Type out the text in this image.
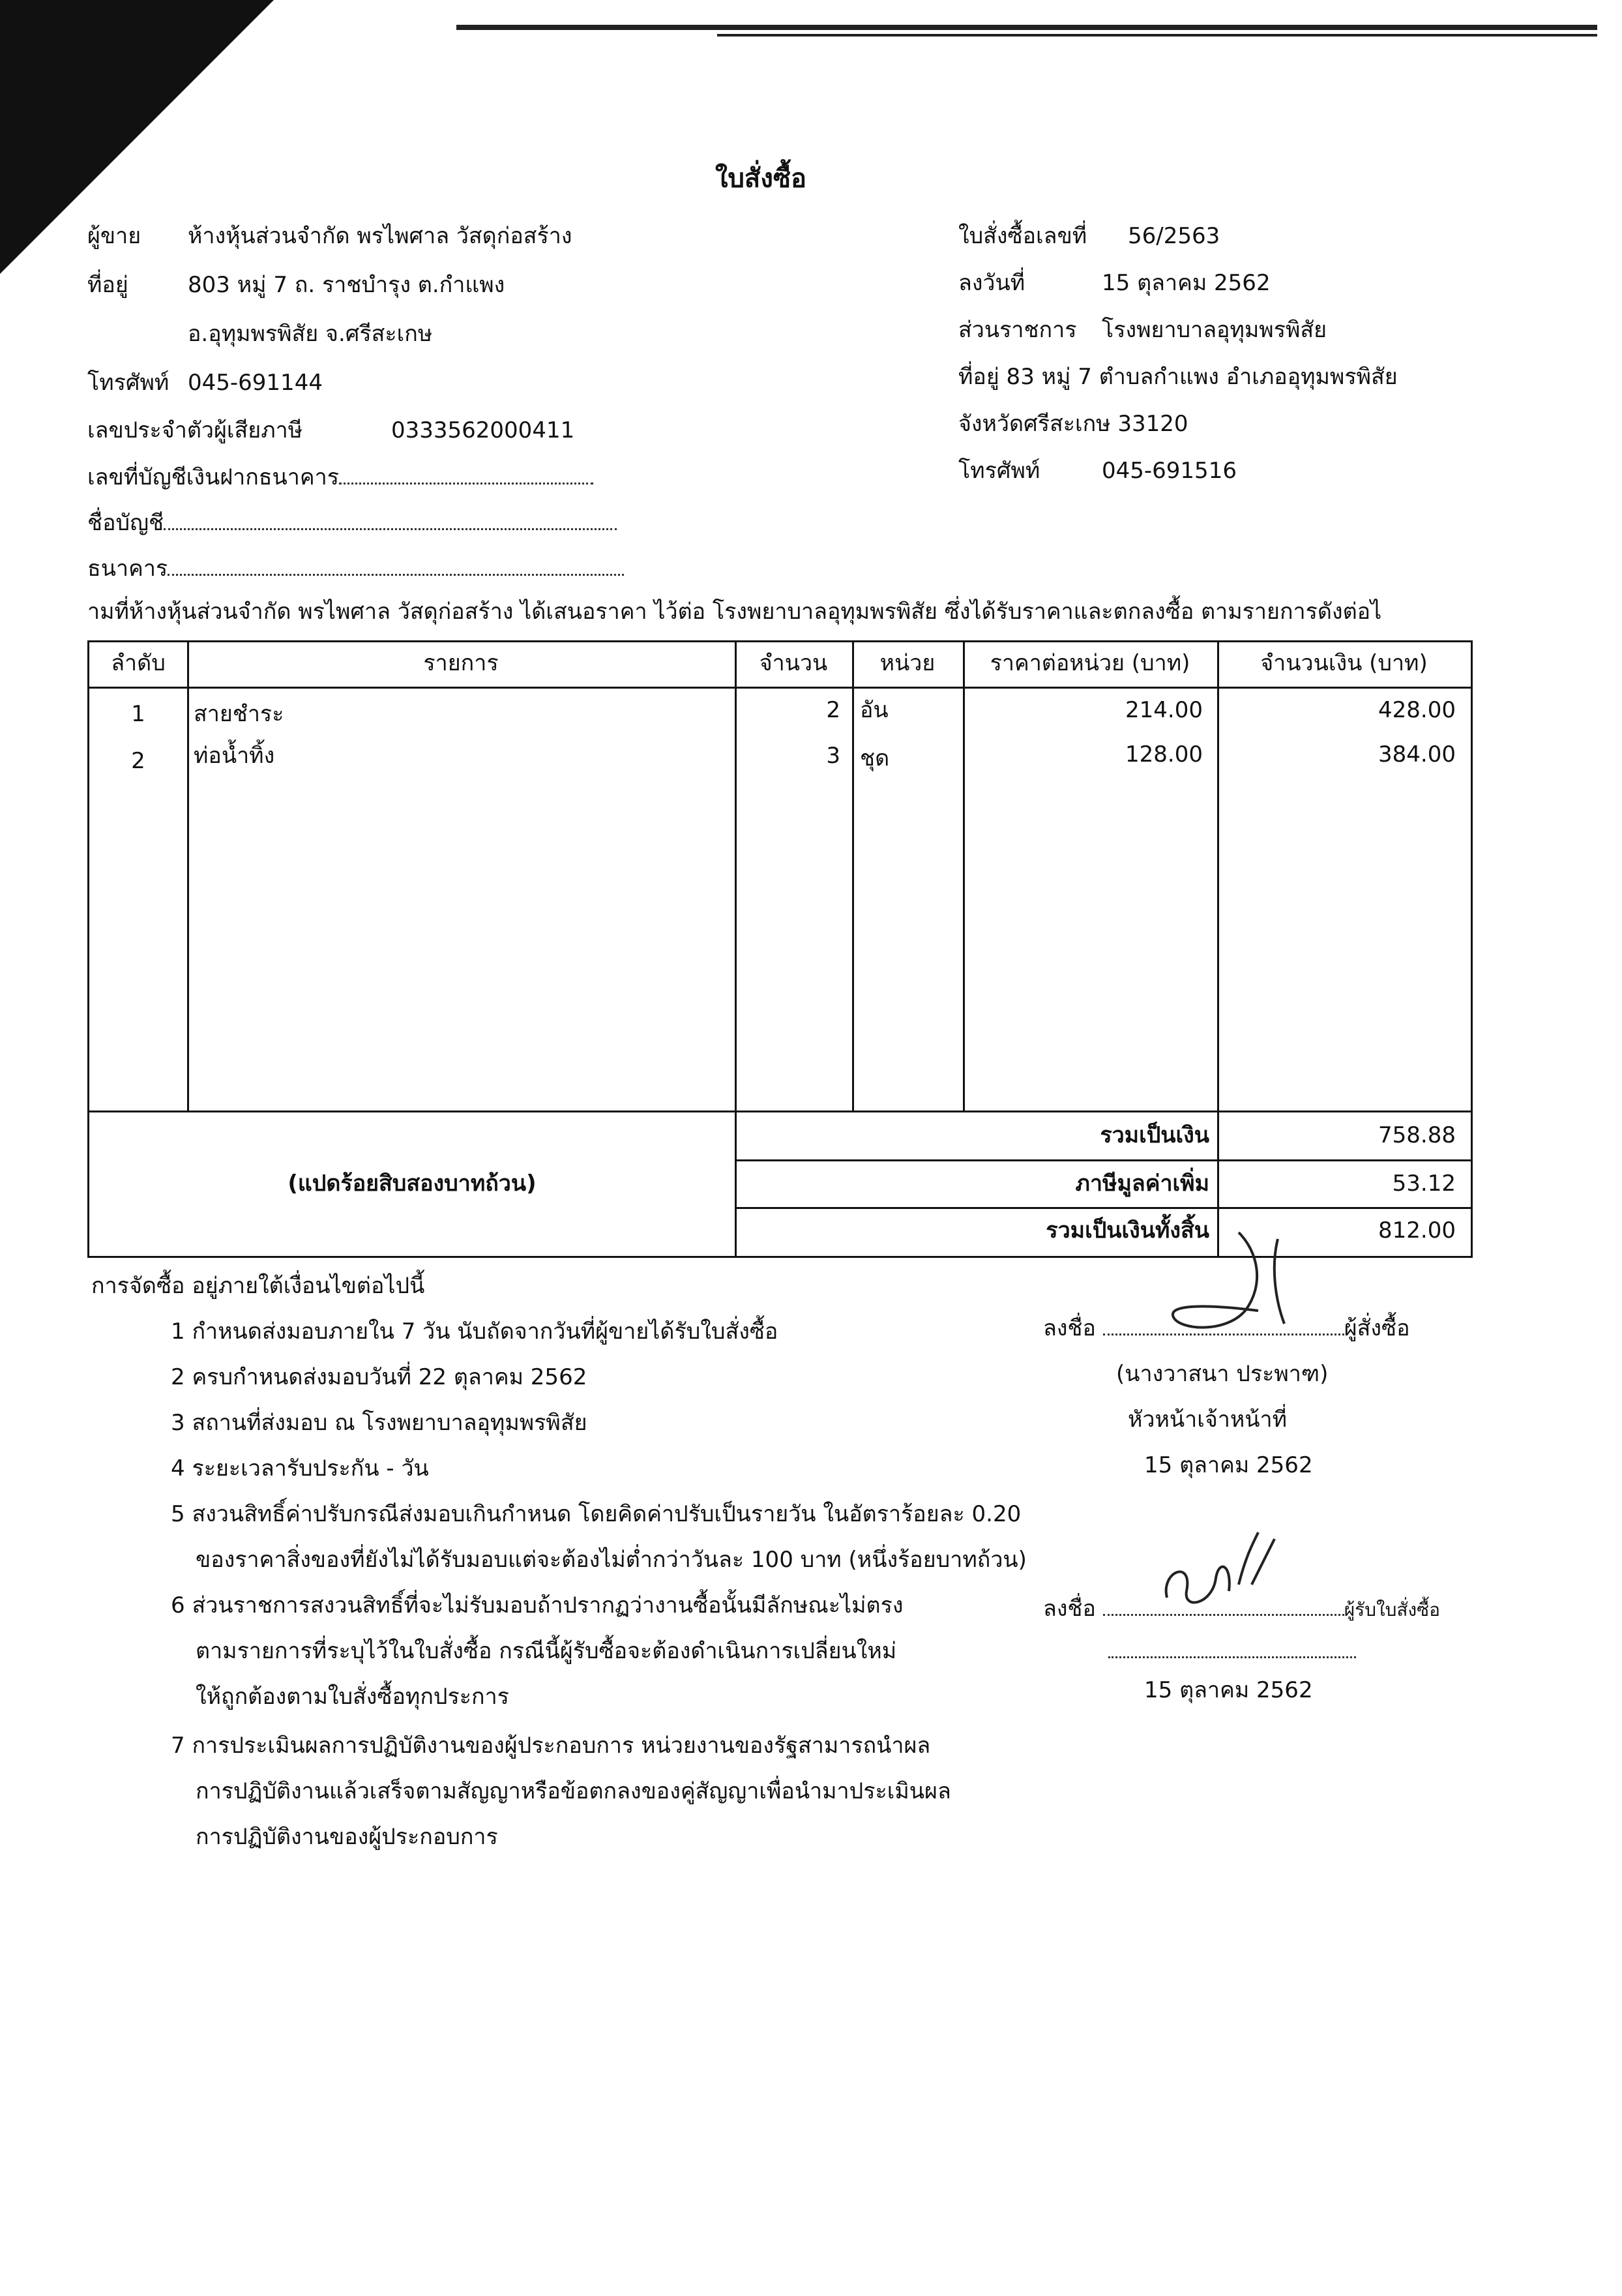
ใบสั่งซื้อ
ผู้ขาย ห้างหุ้นส่วนจำกัด พรไพศาล วัสดุก่อสร้าง
ที่อยู่	803 หมู่ 7 ถ. ราชบำรุง ต.กำแพง
อ.อุทุมพรพิสัย จ.ศรีสะเกษ
โทรศัพท์ 045-691144
เลขประจำตัวผู้เสียภาษี	0333562000411
เลขที่บัญชีเงินฝากธนาคาร
ชื่อบัญชี
ธนาคาร
ใบสั่งซื้อเลขที่ 56/2563
ลงวันที่	15 ตุลาคม 2562
ส่วนราชการ โรงพยาบาลอุทุมพรพิสัย
ที่อยู่ 83 หมู่ 7 ตำบลกำแพง อำเภออุทุมพรพิสัย
จังหวัดศรีสะเกษ 33120
โทรศัพท์	045-691516
ามที่ห้างหุ้นส่วนจำกัด พรไพศาล วัสดุก่อสร้าง ได้เสนอราคา ไว้ต่อ โรงพยาบาลอุทุมพรพิสัย ซึ่งได้รับราคาและตกลงซื้อ ตามรายการดังต่อไ
ลำดับ	รายการ	จำนวน	หน่วย	ราคาต่อหน่วย (บาท)	จำนวนเงิน (บาท)
1	สายชำระ	2 อัน	214.00	428.00
2	ท่อน้ำทิ้ง	3 ชุด	128.00	384.00
(แปดร้อยสิบสองบาทถ้วน)
รวมเป็นเงิน	758.88
ภาษีมูลค่าเพิ่ม	53.12
รวมเป็นเงินทั้งสิ้น	812.00
การจัดซื้อ อยู่ภายใต้เงื่อนไขต่อไปนี้
1 กำหนดส่งมอบภายใน 7 วัน นับถัดจากวันที่ผู้ขายได้รับใบสั่งซื้อ
2 ครบกำหนดส่งมอบวันที่ 22 ตุลาคม 2562
3 สถานที่ส่งมอบ ณ โรงพยาบาลอุทุมพรพิสัย
4 ระยะเวลารับประกัน - วัน
5 สงวนสิทธิ์ค่าปรับกรณีส่งมอบเกินกำหนด โดยคิดค่าปรับเป็นรายวัน ในอัตราร้อยละ 0.20
ของราคาสิ่งของที่ยังไม่ได้รับมอบแต่จะต้องไม่ต่ำกว่าวันละ 100 บาท (หนึ่งร้อยบาทถ้วน)
6 ส่วนราชการสงวนสิทธิ์ที่จะไม่รับมอบถ้าปรากฏว่างานซื้อนั้นมีลักษณะไม่ตรง
ตามรายการที่ระบุไว้ในใบสั่งซื้อ กรณีนี้ผู้รับซื้อจะต้องดำเนินการเปลี่ยนใหม่
ให้ถูกต้องตามใบสั่งซื้อทุกประการ
7 การประเมินผลการปฏิบัติงานของผู้ประกอบการ หน่วยงานของรัฐสามารถนำผล
การปฏิบัติงานแล้วเสร็จตามสัญญาหรือข้อตกลงของคู่สัญญาเพื่อนำมาประเมินผล
การปฏิบัติงานของผู้ประกอบการ
ลงชื่อ	ผู้สั่งซื้อ
(นางวาสนา ประพาฑ)
หัวหน้าเจ้าหน้าที่
15 ตุลาคม 2562
ลงชื่อ	ผู้รับใบสั่งซื้อ
15 ตุลาคม 2562
